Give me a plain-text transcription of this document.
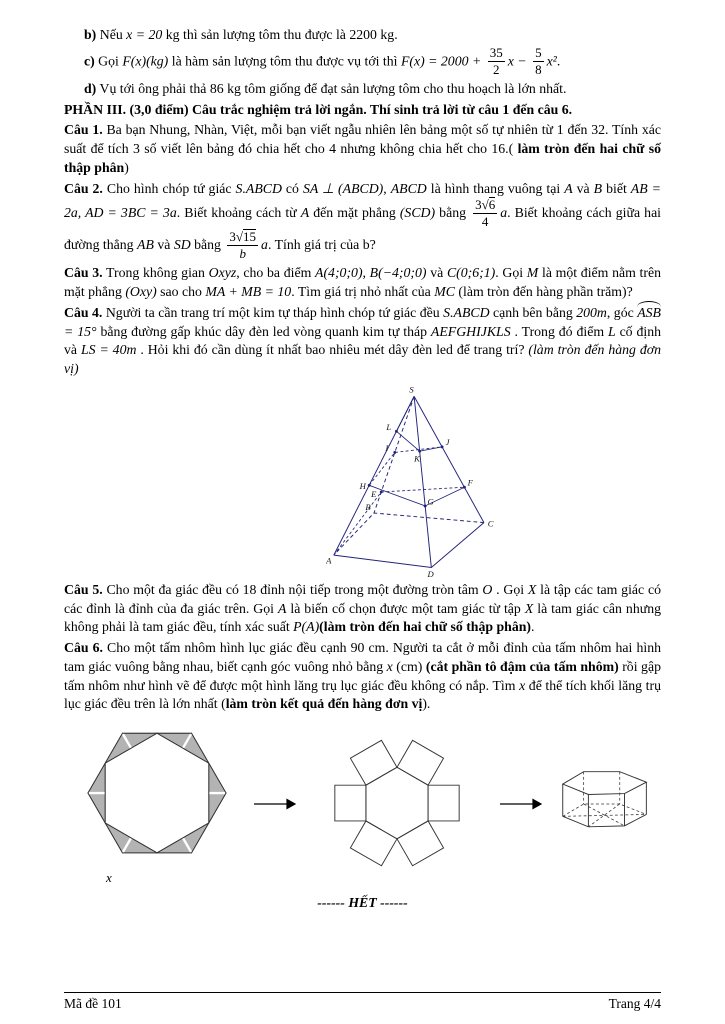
b) Nếu x = 20 kg thì sản lượng tôm thu được là 2200 kg.

c) Gọi F(x)(kg) là hàm sản lượng tôm thu được vụ tới thì $F(x) = 2000 + \frac{35}{2}$ $x - \frac{5}{8} x^2$.

d) Vụ tới ông phải thả 86 kg tôm giống để đạt sản lượng tôm cho thu hoạch là lớn nhất.

PHẦN III. (3,0 điểm) Câu trắc nghiệm trả lời ngắn. Thí sinh trả lời từ câu 1 đến câu 6.

Câu 1. Ba bạn Nhung, Nhàn, Việt, mỗi bạn viết ngẫu nhiên lên bảng một số tự nhiên từ 1 đến 32. Tính xác suất để tích 3 số viết lên bảng đó chia hết cho 4 nhưng không chia hết cho 16.( làm tròn đến hai chữ số thập phân)

Câu 2. Cho hình chóp tứ giác S.ABCD có SA ⊥ (ABCD), ABCD là hình thang vuông tại A và B biết AB = 2a, AD = 3BC = 3a. Biết khoảng cách từ A đến mặt phẳng (SCD) bằng $\frac{3 √ 6}{4} a$. Biết khoảng cách giữa hai đường thẳng AB và SD bằng $\frac{3 √ 15}{b} a$. Tính giá trị của b?

Câu 3. Trong không gian Oxyz, cho ba điểm A(4;0;0), B(−4;0;0) và C(0;6;1). Gọi M là một điểm nằm trên mặt phẳng (Oxy) sao cho MA + MB = 10. Tìm giá trị nhỏ nhất của MC (làm tròn đến hàng phần trăm)?

Câu 4. Người ta cần trang trí một kim tự tháp hình chóp tứ giác đều S.ABCD cạnh bên bằng 200m, góc ASB = 15° bằng đường gấp khúc dây đèn led vòng quanh kim tự tháp AEFGHIJKLS . Trong đó điểm L cố định và LS = 40m . Hỏi khi đó cần dùng ít nhất bao nhiêu mét dây đèn led để trang trí? (làm tròn đến hàng đơn vị)

S
A
B
C
D
E
F
G
H
I
J
K
L

Câu 5. Cho một đa giác đều có 18 đỉnh nội tiếp trong một đường tròn tâm O . Gọi X là tập các tam giác có các đỉnh là đỉnh của đa giác trên. Gọi A là biến cố chọn được một tam giác từ tập X là tam giác cân nhưng không phải là tam giác đều, tính xác suất P(A)(làm tròn đến hai chữ số thập phân).

Câu 6. Cho một tấm nhôm hình lục giác đều cạnh 90 cm. Người ta cắt ở mỗi đỉnh của tấm nhôm hai hình tam giác vuông bằng nhau, biết cạnh góc vuông nhỏ bằng x (cm) (cắt phần tô đậm của tấm nhôm) rồi gập tấm nhôm như hình vẽ để được một hình lăng trụ lục giác đều không có nắp. Tìm x để thể tích khối lăng trụ lục giác đều trên là lớn nhất (làm tròn kết quả đến hàng đơn vị).

x

------ HẾT ------

Mã đề 101	Trang 4/4
